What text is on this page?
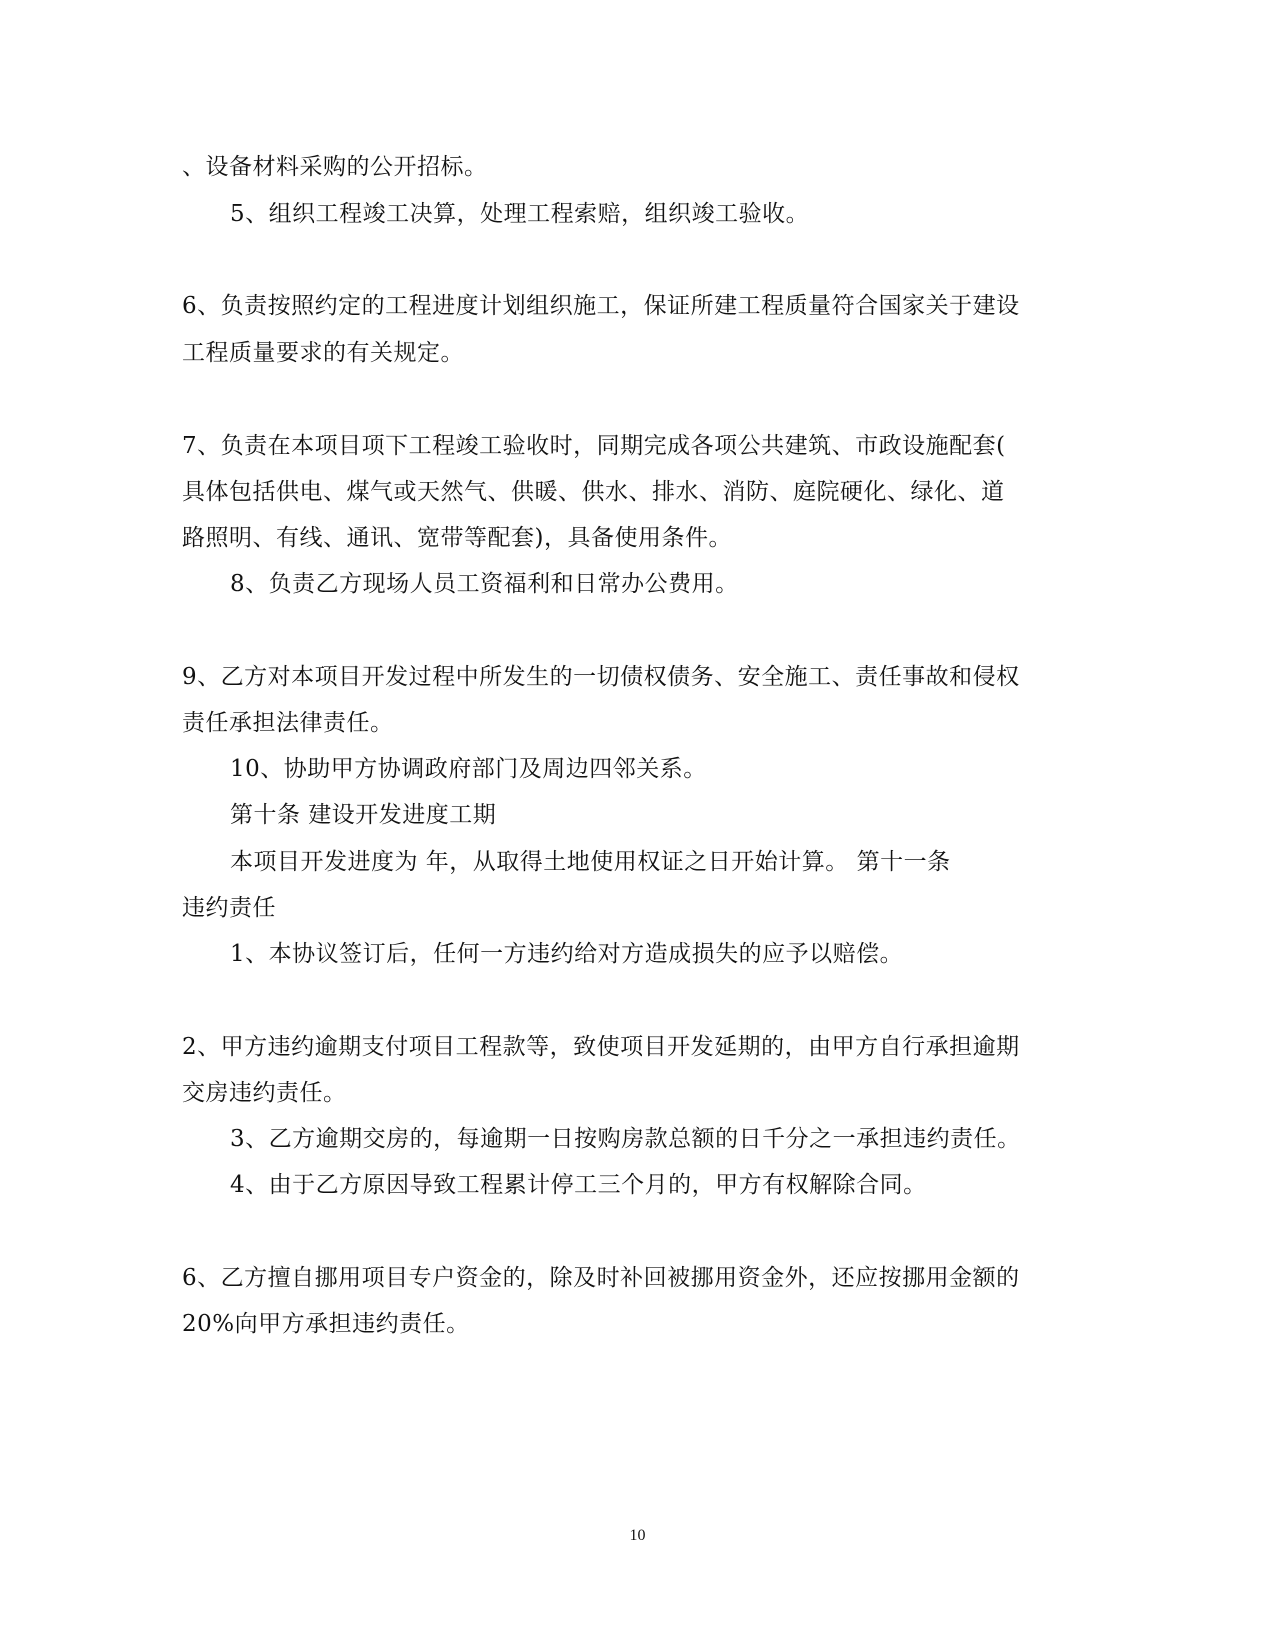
、设备材料采购的公开招标。
5、组织工程竣工决算，处理工程索赔，组织竣工验收。
6、负责按照约定的工程进度计划组织施工，保证所建工程质量符合国家关于建设
工程质量要求的有关规定。
7、负责在本项目项下工程竣工验收时，同期完成各项公共建筑、市政设施配套(
具体包括供电、煤气或天然气、供暖、供水、排水、消防、庭院硬化、绿化、道
路照明、有线、通讯、宽带等配套)，具备使用条件。
8、负责乙方现场人员工资福利和日常办公费用。
9、乙方对本项目开发过程中所发生的一切债权债务、安全施工、责任事故和侵权
责任承担法律责任。
10、协助甲方协调政府部门及周边四邻关系。
第十条 建设开发进度工期
本项目开发进度为 年，从取得土地使用权证之日开始计算。 第十一条
违约责任
1、本协议签订后，任何一方违约给对方造成损失的应予以赔偿。
2、甲方违约逾期支付项目工程款等，致使项目开发延期的，由甲方自行承担逾期
交房违约责任。
3、乙方逾期交房的，每逾期一日按购房款总额的日千分之一承担违约责任。
4、由于乙方原因导致工程累计停工三个月的，甲方有权解除合同。
6、乙方擅自挪用项目专户资金的，除及时补回被挪用资金外，还应按挪用金额的
20%向甲方承担违约责任。
10
